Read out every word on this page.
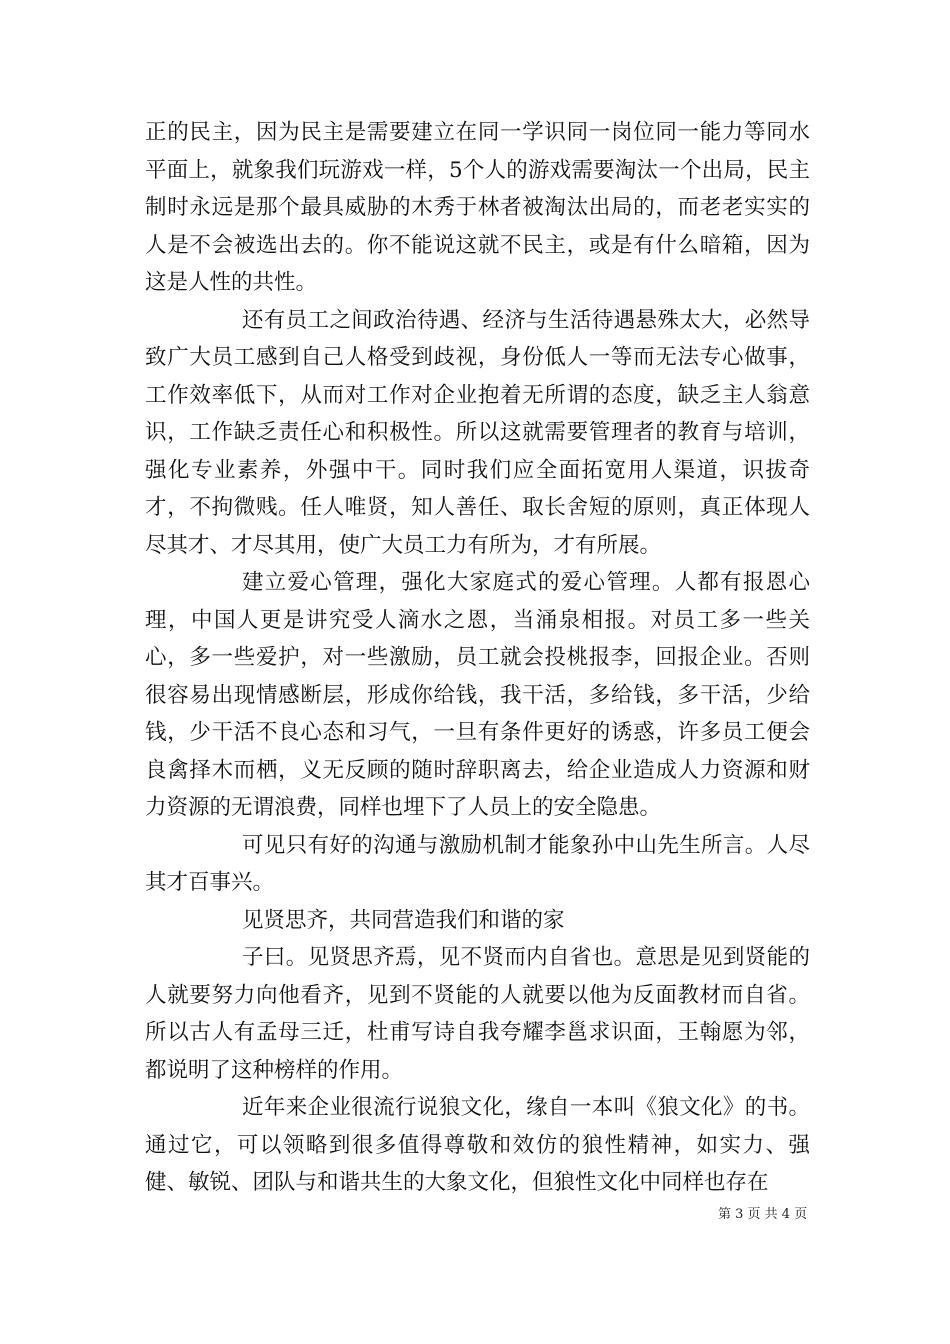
正的民主，因为民主是需要建立在同一学识同一岗位同一能力等同水平面上，就象我们玩游戏一样，5个人的游戏需要淘汰一个出局，民主制时永远是那个最具威胁的木秀于林者被淘汰出局的，而老老实实的人是不会被选出去的。你不能说这就不民主，或是有什么暗箱，因为这是人性的共性。

还有员工之间政治待遇、经济与生活待遇悬殊太大，必然导致广大员工感到自己人格受到歧视，身份低人一等而无法专心做事，工作效率低下，从而对工作对企业抱着无所谓的态度，缺乏主人翁意识，工作缺乏责任心和积极性。所以这就需要管理者的教育与培训，强化专业素养，外强中干。同时我们应全面拓宽用人渠道，识拔奇才，不拘微贱。任人唯贤，知人善任、取长舍短的原则，真正体现人尽其才、才尽其用，使广大员工力有所为，才有所展。

建立爱心管理，强化大家庭式的爱心管理。人都有报恩心理，中国人更是讲究受人滴水之恩，当涌泉相报。对员工多一些关心，多一些爱护，对一些激励，员工就会投桃报李，回报企业。否则很容易出现情感断层，形成你给钱，我干活，多给钱，多干活，少给钱，少干活不良心态和习气，一旦有条件更好的诱惑，许多员工便会良禽择木而栖，义无反顾的随时辞职离去，给企业造成人力资源和财力资源的无谓浪费，同样也埋下了人员上的安全隐患。

可见只有好的沟通与激励机制才能象孙中山先生所言。人尽其才百事兴。

见贤思齐，共同营造我们和谐的家

子曰。见贤思齐焉，见不贤而内自省也。意思是见到贤能的人就要努力向他看齐，见到不贤能的人就要以他为反面教材而自省。所以古人有孟母三迁，杜甫写诗自我夸耀李邕求识面，王翰愿为邻，都说明了这种榜样的作用。

近年来企业很流行说狼文化，缘自一本叫《狼文化》的书。通过它，可以领略到很多值得尊敬和效仿的狼性精神，如实力、强健、敏锐、团队与和谐共生的大象文化，但狼性文化中同样也存在

第 3 页 共 4 页
